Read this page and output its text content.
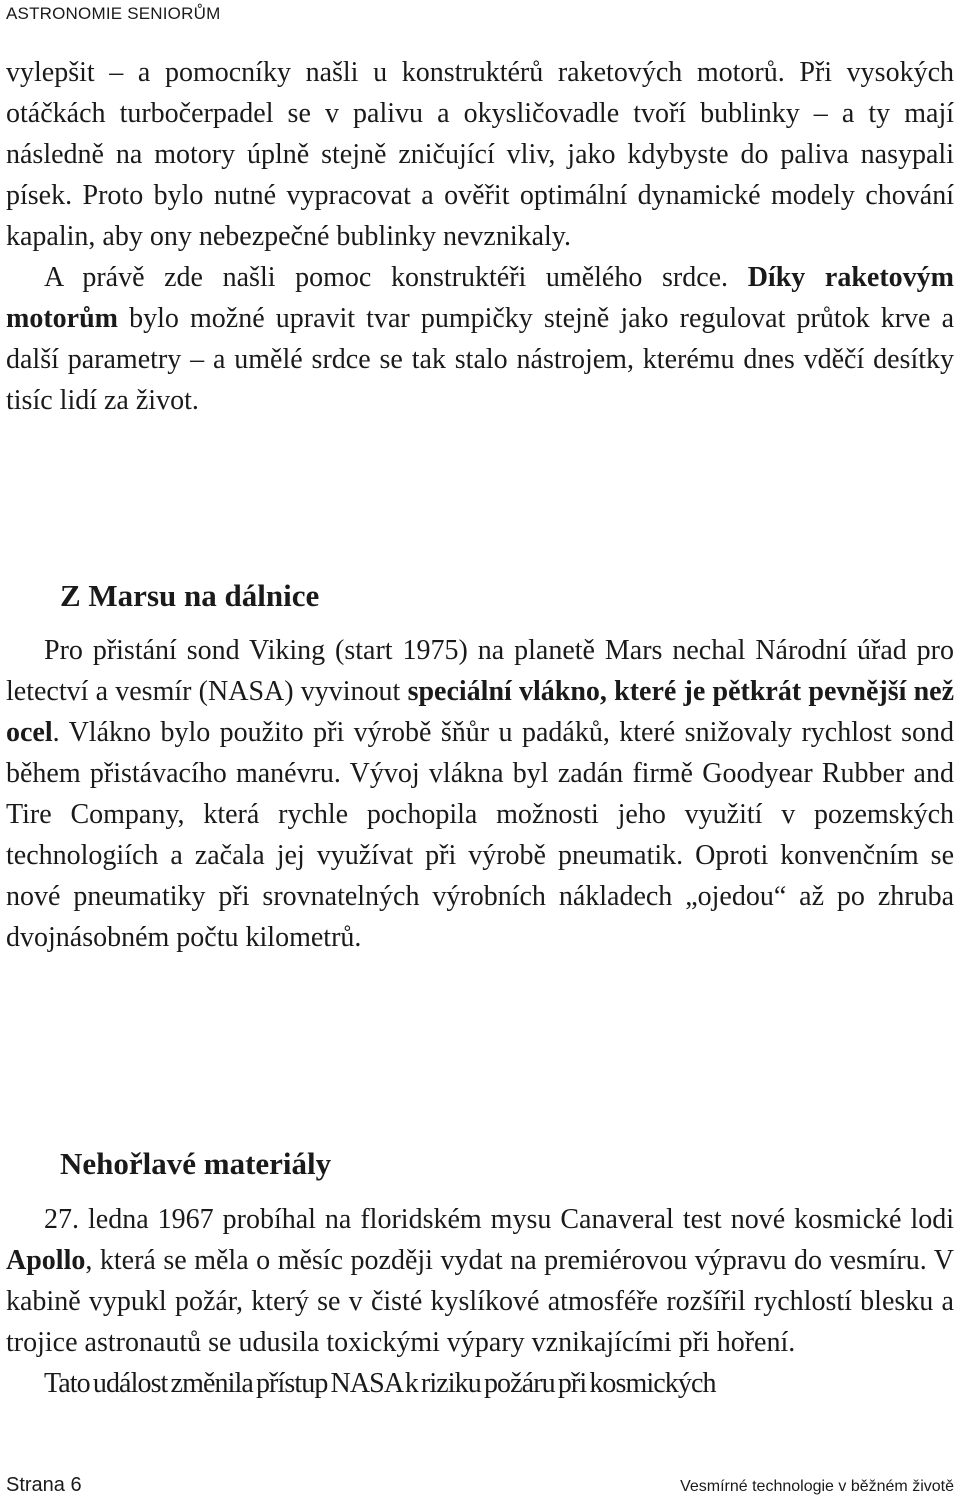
ASTRONOMIE SENIORŮM

vylepšit – a pomocníky našli u konstruktérů raketových motorů. Při vysokých otáčkách turbočerpadel se v palivu a okysličovadle tvoří bublinky – a ty mají následně na motory úplně stejně zničující vliv, jako kdybyste do paliva nasypali písek. Proto bylo nutné vypracovat a ověřit optimální dynamické modely chování kapalin, aby ony nebezpečné bublinky nevznikaly.

A právě zde našli pomoc konstruktéři umělého srdce. Díky raketovým motorům bylo možné upravit tvar pumpičky stejně jako regulovat průtok krve a další parametry – a umělé srdce se tak stalo nástrojem, kterému dnes vděčí desítky tisíc lidí za život.

Z Marsu na dálnice

Pro přistání sond Viking (start 1975) na planetě Mars nechal Národní úřad pro letectví a vesmír (NASA) vyvinout speciální vlákno, které je pětkrát pevnější než ocel. Vlákno bylo použito při výrobě šňůr u padáků, které snižovaly rychlost sond během přistávacího manévru. Vývoj vlákna byl zadán firmě Goodyear Rubber and Tire Company, která rychle pochopila možnosti jeho využití v pozemských technologiích a začala jej využívat při výrobě pneumatik. Oproti konvenčním se nové pneumatiky při srovnatelných výrobních nákladech „ojedou“ až po zhruba dvojnásobném počtu kilometrů.

Nehořlavé materiály

27. ledna 1967 probíhal na floridském mysu Canaveral test nové kosmické lodi Apollo, která se měla o měsíc později vydat na premiérovou výpravu do vesmíru. V kabině vypukl požár, který se v čisté kyslíkové atmosféře rozšířil rychlostí blesku a trojice astronautů se udusila toxickými výpary vznikajícími při hoření.

Tato událost změnila přístup NASA k riziku požáru při kosmických

Strana 6	Vesmírné technologie v běžném životě
